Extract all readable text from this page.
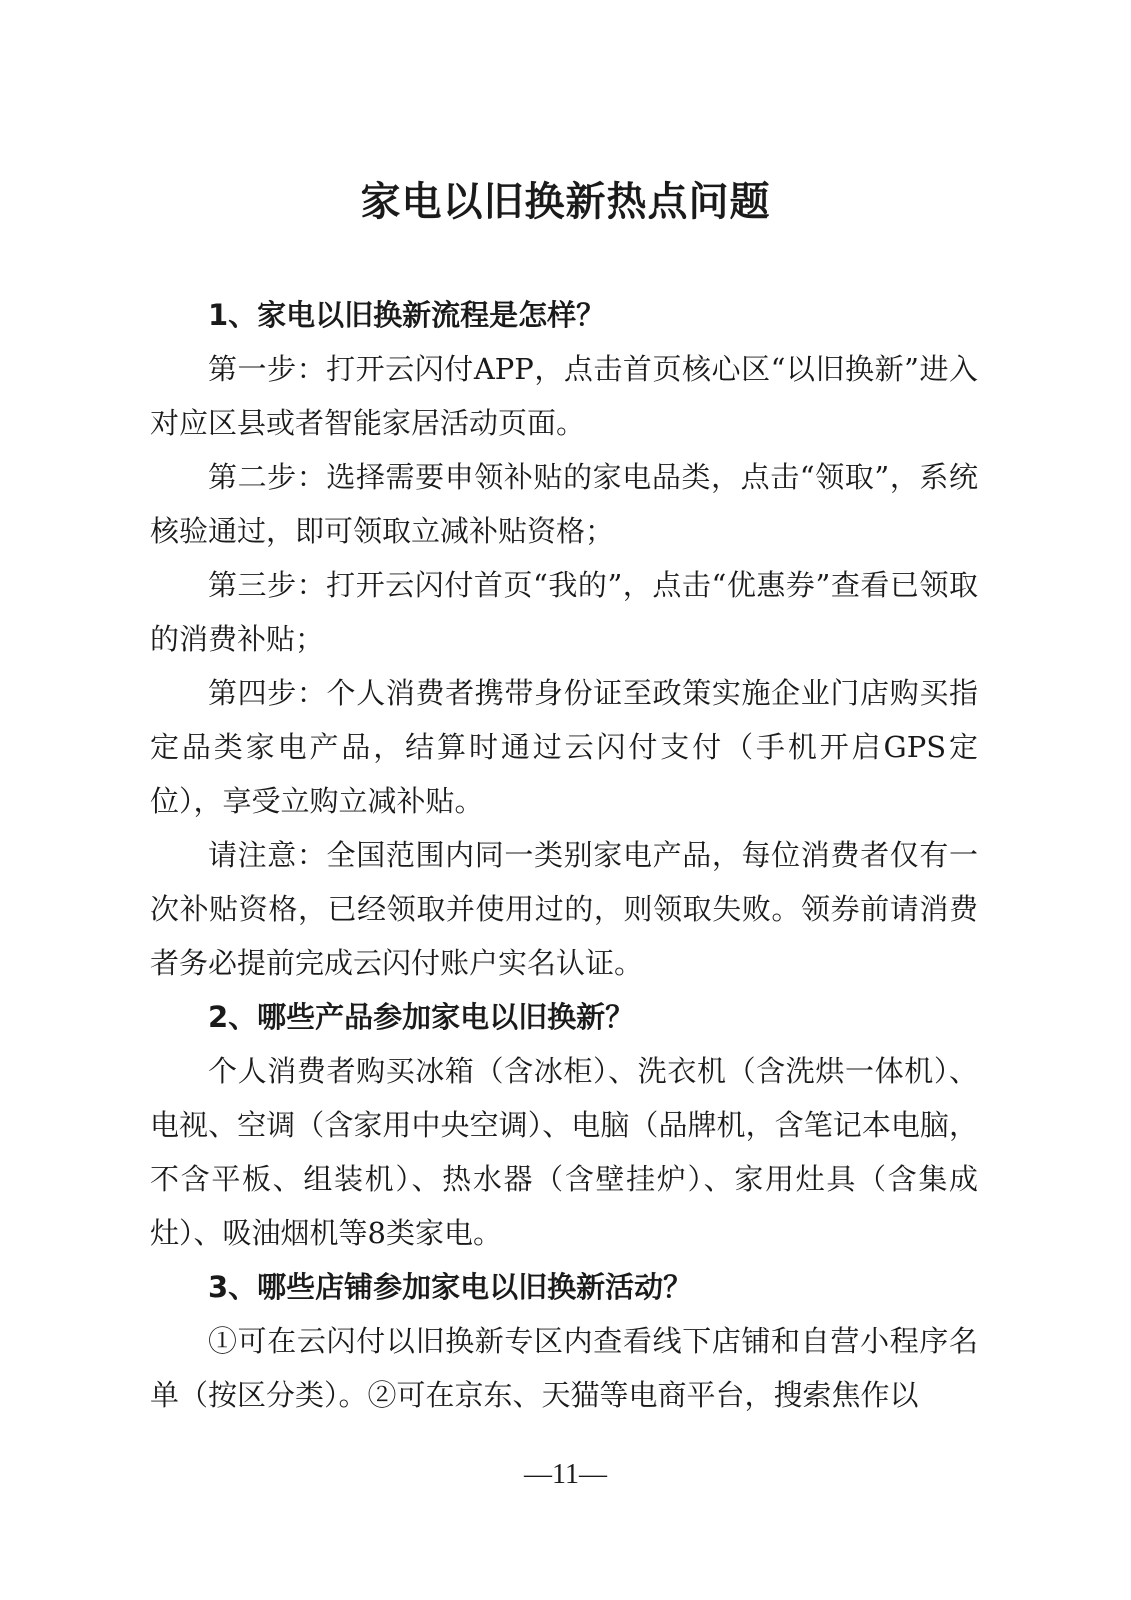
家电以旧换新热点问题

1、家电以旧换新流程是怎样？

第一步：打开云闪付APP，点击首页核心区“以旧换新”进入对应区县或者智能家居活动页面。

第二步：选择需要申领补贴的家电品类，点击“领取”，系统核验通过，即可领取立减补贴资格；

第三步：打开云闪付首页“我的”，点击“优惠券”查看已领取的消费补贴；

第四步：个人消费者携带身份证至政策实施企业门店购买指定品类家电产品，结算时通过云闪付支付（手机开启GPS定位），享受立购立减补贴。

请注意：全国范围内同一类别家电产品，每位消费者仅有一次补贴资格，已经领取并使用过的，则领取失败。领券前请消费者务必提前完成云闪付账户实名认证。

2、哪些产品参加家电以旧换新？

个人消费者购买冰箱（含冰柜）、洗衣机（含洗烘一体机）、电视、空调（含家用中央空调）、电脑（品牌机，含笔记本电脑，不含平板、组装机）、热水器（含壁挂炉）、家用灶具（含集成灶）、吸油烟机等8类家电。

3、哪些店铺参加家电以旧换新活动？

①可在云闪付以旧换新专区内查看线下店铺和自营小程序名单（按区分类）。②可在京东、天猫等电商平台，搜索焦作以

—11—
